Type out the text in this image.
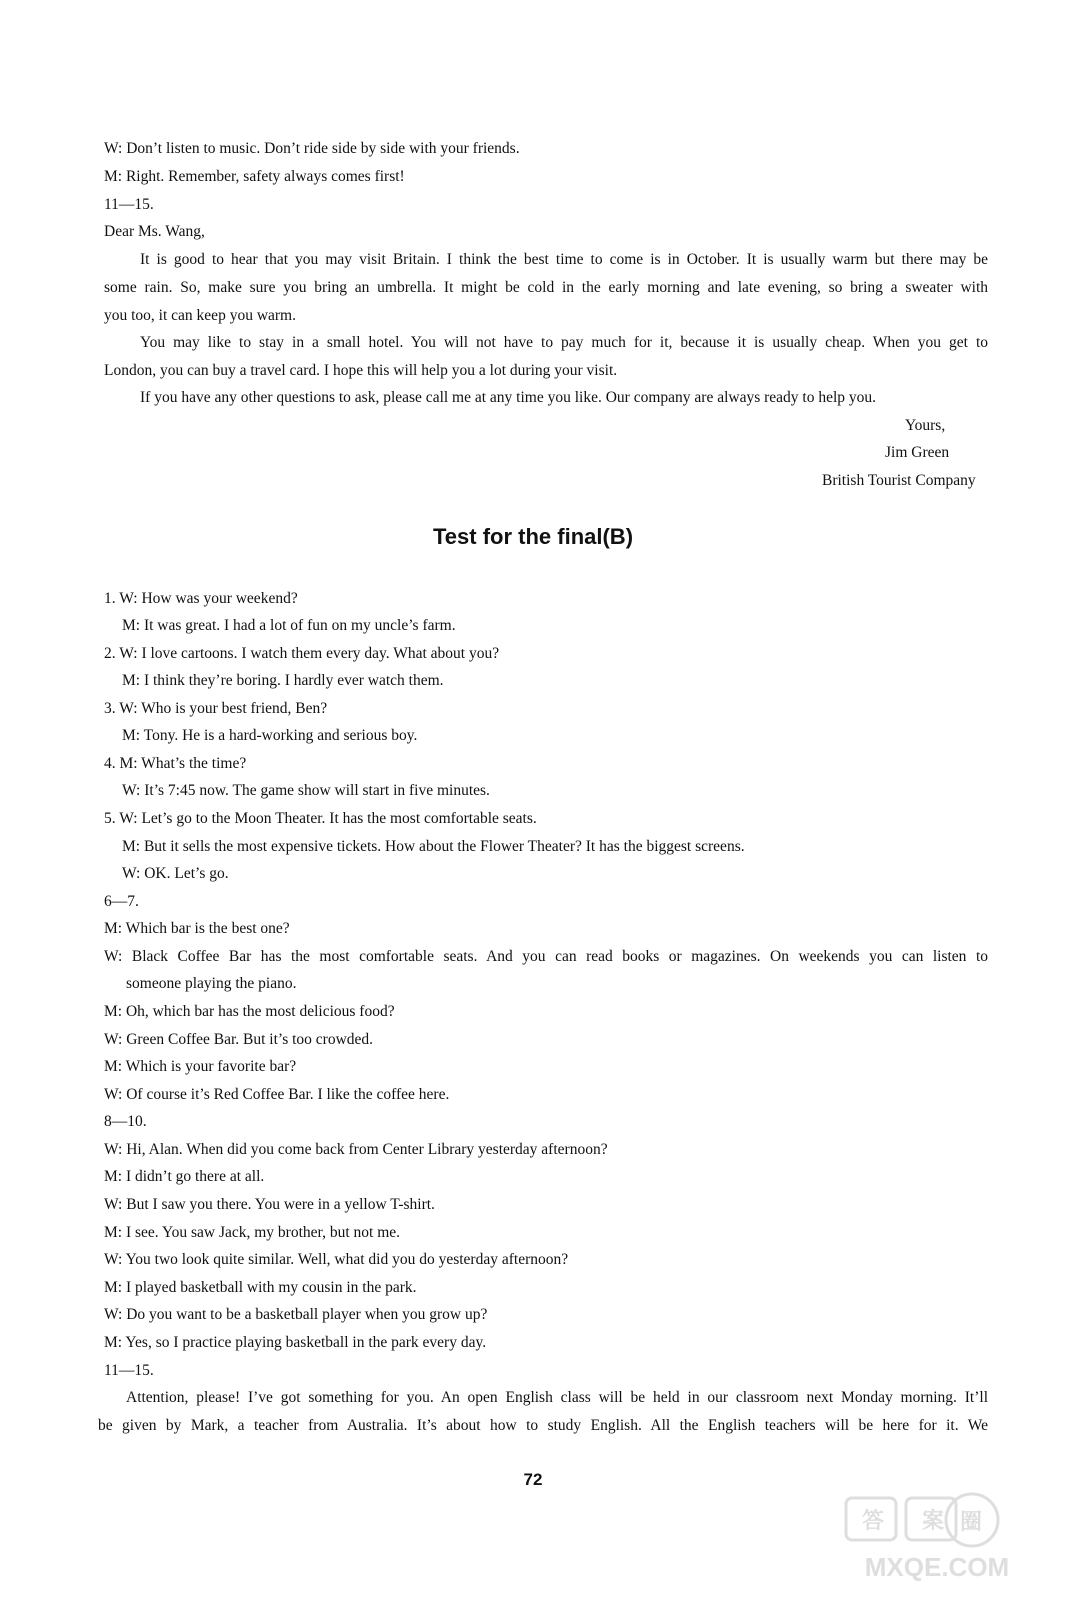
W: Don’t listen to music. Don’t ride side by side with your friends.
M: Right. Remember, safety always comes first!
11—15.
Dear Ms. Wang,
It is good to hear that you may visit Britain. I think the best time to come is in October. It is usually warm but there may be
some rain. So, make sure you bring an umbrella. It might be cold in the early morning and late evening, so bring a sweater with
you too, it can keep you warm.
You may like to stay in a small hotel. You will not have to pay much for it, because it is usually cheap. When you get to
London, you can buy a travel card. I hope this will help you a lot during your visit.
If you have any other questions to ask, please call me at any time you like. Our company are always ready to help you.
Yours,
Jim Green
British Tourist Company
Test for the final(B)
1. W: How was your weekend?
M: It was great. I had a lot of fun on my uncle’s farm.
2. W: I love cartoons. I watch them every day. What about you?
M: I think they’re boring. I hardly ever watch them.
3. W: Who is your best friend, Ben?
M: Tony. He is a hard-working and serious boy.
4. M: What’s the time?
W: It’s 7:45 now. The game show will start in five minutes.
5. W: Let’s go to the Moon Theater. It has the most comfortable seats.
M: But it sells the most expensive tickets. How about the Flower Theater? It has the biggest screens.
W: OK. Let’s go.
6—7.
M: Which bar is the best one?
W: Black Coffee Bar has the most comfortable seats. And you can read books or magazines. On weekends you can listen to
someone playing the piano.
M: Oh, which bar has the most delicious food?
W: Green Coffee Bar. But it’s too crowded.
M: Which is your favorite bar?
W: Of course it’s Red Coffee Bar. I like the coffee here.
8—10.
W: Hi, Alan. When did you come back from Center Library yesterday afternoon?
M: I didn’t go there at all.
W: But I saw you there. You were in a yellow T-shirt.
M: I see. You saw Jack, my brother, but not me.
W: You two look quite similar. Well, what did you do yesterday afternoon?
M: I played basketball with my cousin in the park.
W: Do you want to be a basketball player when you grow up?
M: Yes, so I practice playing basketball in the park every day.
11—15.
Attention, please! I’ve got something for you. An open English class will be held in our classroom next Monday morning. It’ll
be given by Mark, a teacher from Australia. It’s about how to study English. All the English teachers will be here for it. We
72
答 案 圈
MXQE.COM
